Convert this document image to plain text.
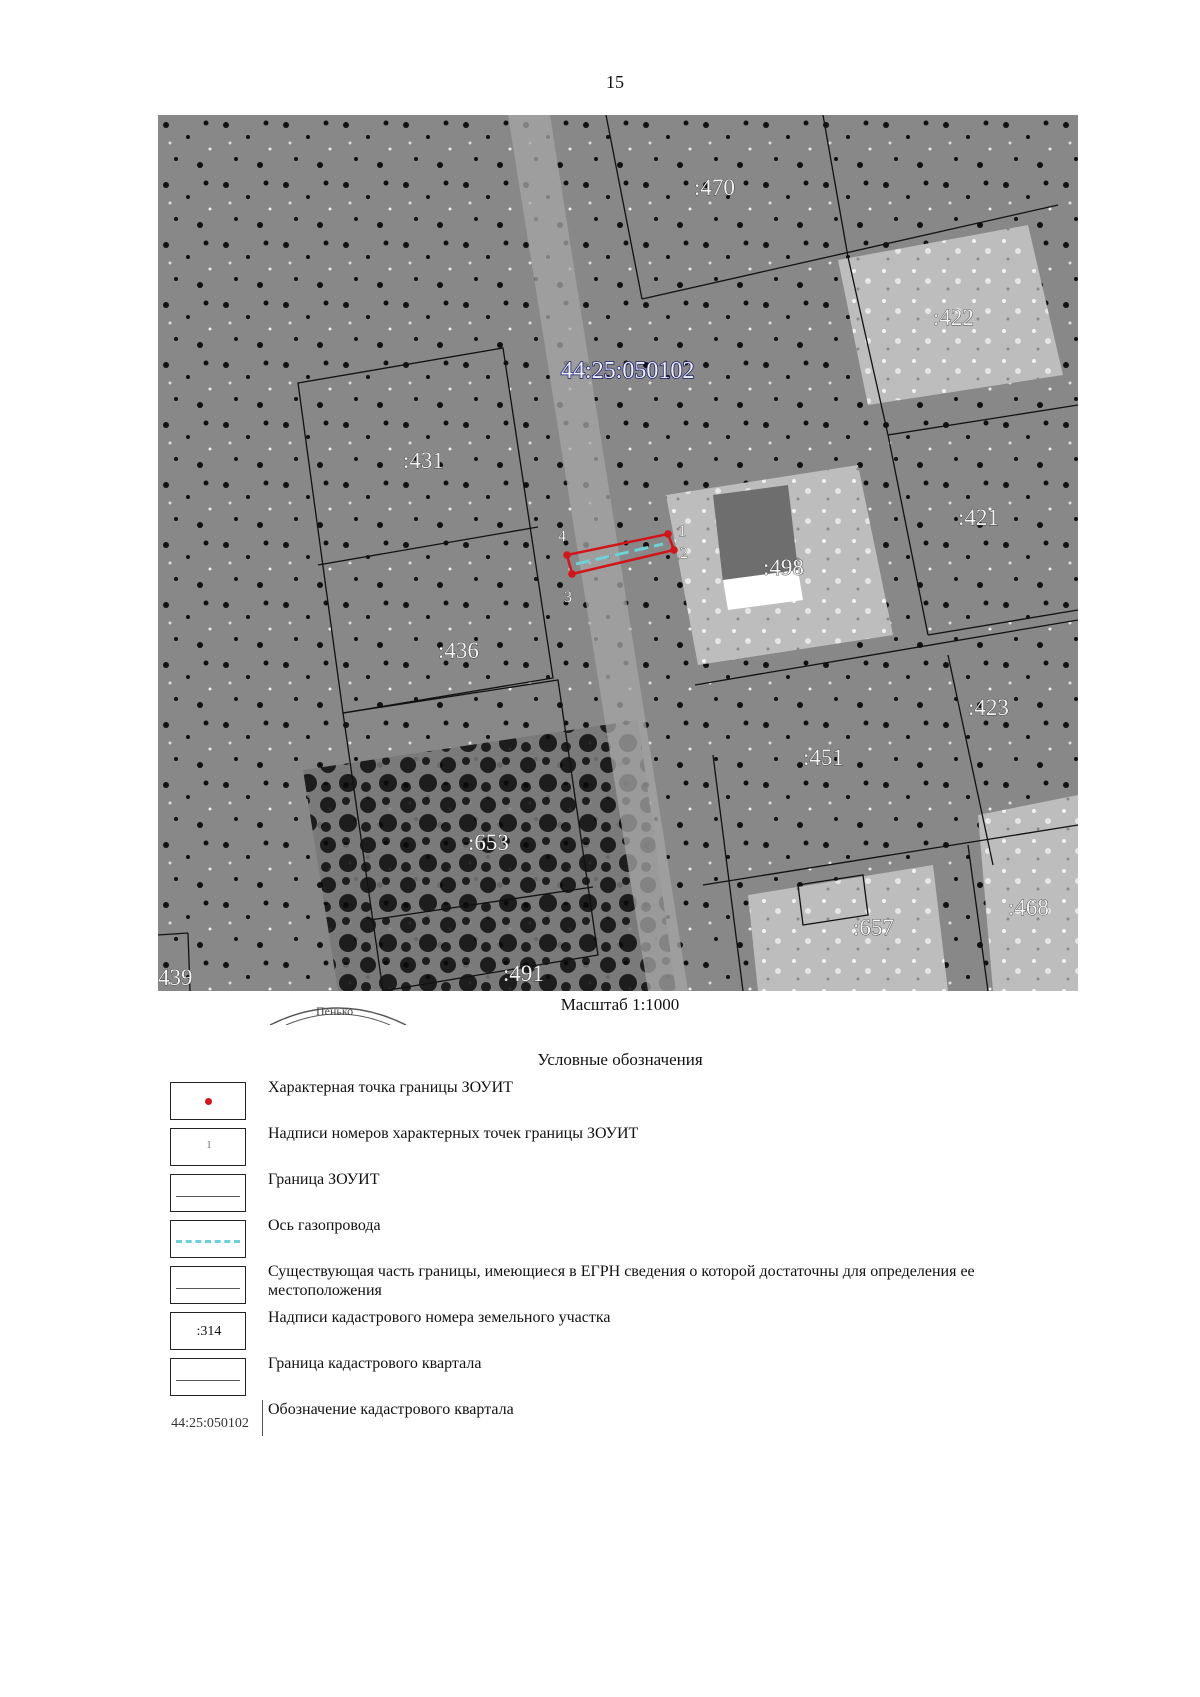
15
1
2
3
4
44:25:050102
:470
:422
:431
:421
:498
:436
:423
:451
:653
:468
:657
:491
439
Пенько	Масштаб 1:1000
Условные обозначения
Характерная точка границы ЗОУИТ
1
Надписи номеров характерных точек границы ЗОУИТ
Граница ЗОУИТ
Ось газопровода
Существующая часть границы, имеющиеся в ЕГРН сведения о которой достаточны для определения ее местоположения
:314
Надписи кадастрового номера земельного участка
Граница кадастрового квартала
44:25:050102
Обозначение кадастрового квартала
